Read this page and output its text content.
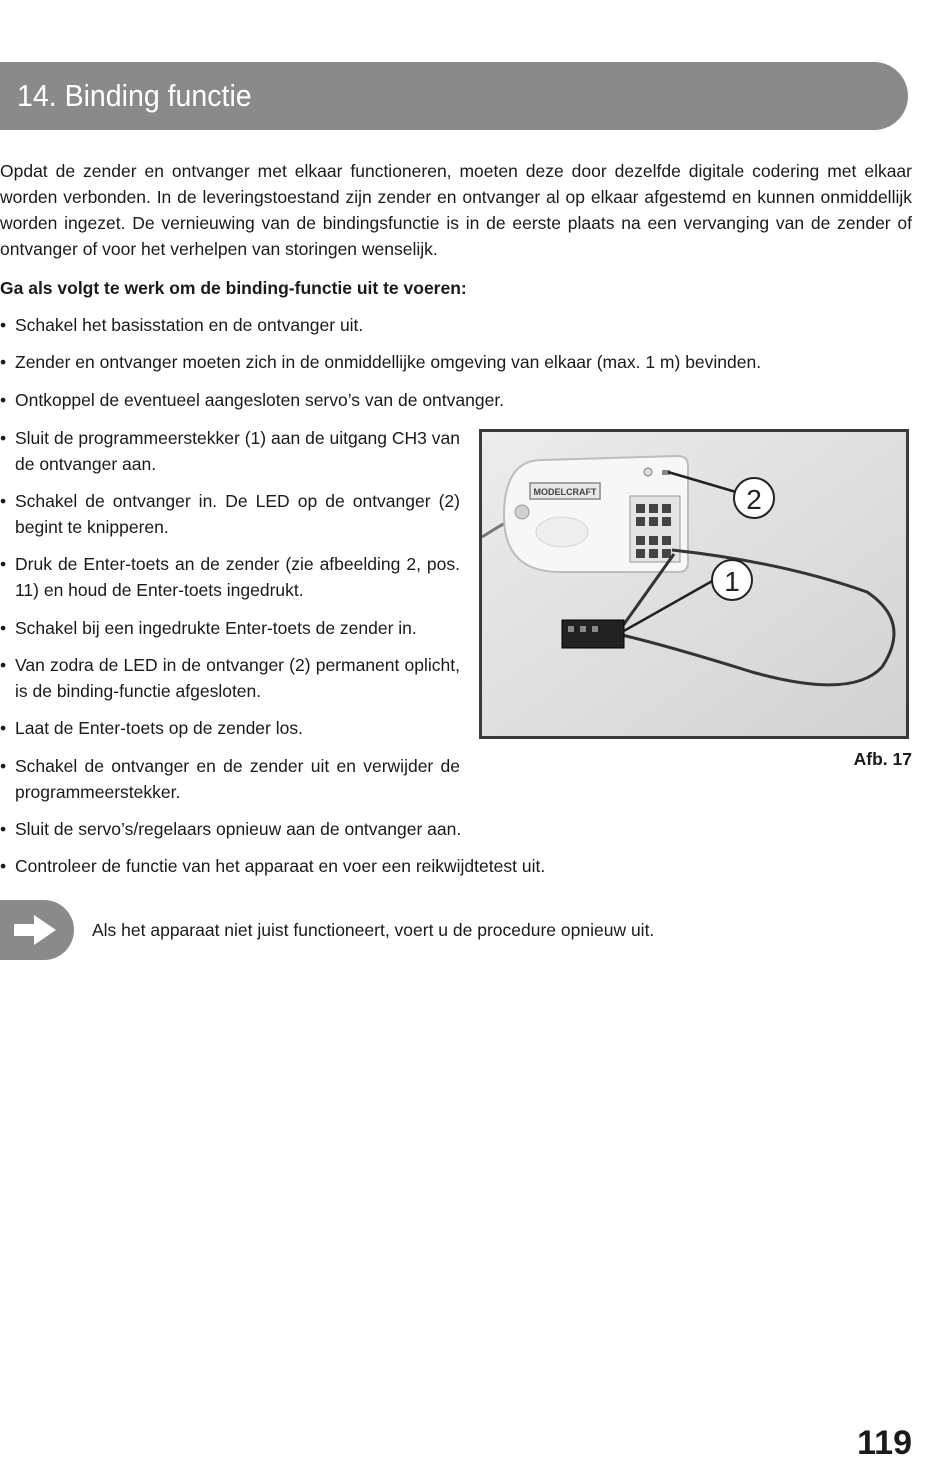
14. Binding functie

Opdat de zender en ontvanger met elkaar functioneren, moeten deze door dezelfde digitale codering met elkaar worden verbonden. In de leveringstoestand zijn zender en ontvanger al op elkaar afgestemd en kunnen onmiddellijk worden ingezet. De vernieuwing van de bindingsfunctie is in de eerste plaats na een vervanging van de zender of ontvanger of voor het verhelpen van storingen wenselijk.

Ga als volgt te werk om de binding-functie uit te voeren:

• Schakel het basisstation en de ontvanger uit.

• Zender en ontvanger moeten zich in de onmiddellijke omgeving van elkaar (max. 1 m) bevinden.

• Ontkoppel de eventueel aangesloten servo’s van de ontvanger.

• Sluit de programmeerstekker (1) aan de uitgang CH3 van de ontvanger aan.

• Schakel de ontvanger in. De LED op de ontvanger (2) begint te knipperen.

• Druk de Enter-toets an de zender (zie afbeelding 2, pos. 11) en houd de Enter-toets ingedrukt.

• Schakel bij een ingedrukte Enter-toets de zender in.

• Van zodra de LED in de ontvanger (2) permanent oplicht, is de binding-functie afgesloten.

• Laat de Enter-toets op de zender los.

• Schakel de ontvanger en de zender uit en verwijder de programmeerstekker.

• Sluit de servo’s/regelaars opnieuw aan de ontvanger aan.

• Controleer de functie van het apparaat en voer een reikwijdtetest uit.

MODELCRAFT	2
1

Afb. 17

Als het apparaat niet juist functioneert, voert u de procedure opnieuw uit.

119
